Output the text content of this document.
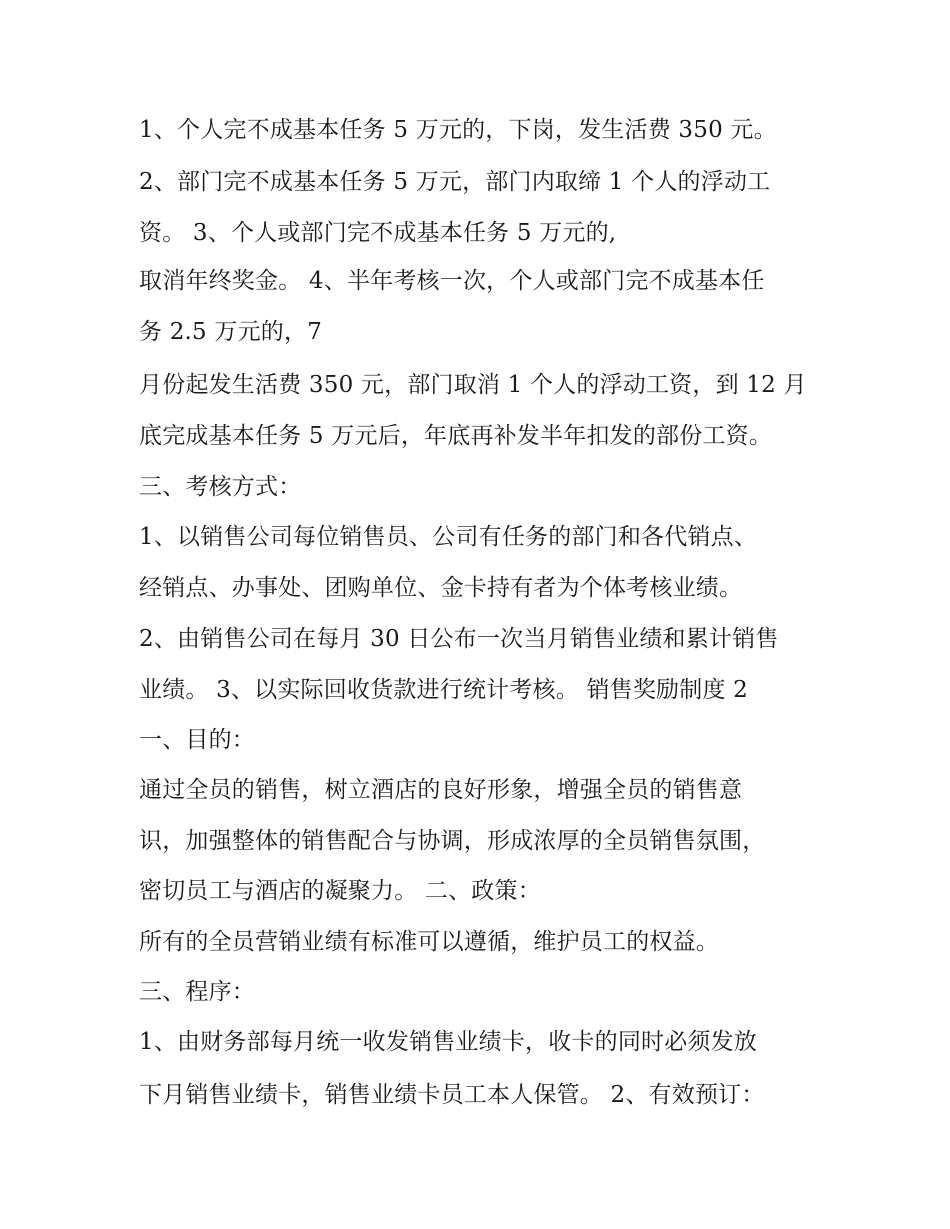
1、个人完不成基本任务 5 万元的，下岗，发生活费 350 元。
2、部门完不成基本任务 5 万元，部门内取缔 1 个人的浮动工
资。 3、个人或部门完不成基本任务 5 万元的,
取消年终奖金。 4、半年考核一次，个人或部门完不成基本任
务 2.5 万元的，7
月份起发生活费 350 元，部门取消 1 个人的浮动工资，到 12 月
底完成基本任务 5 万元后，年底再补发半年扣发的部份工资。
三、考核方式：
1、以销售公司每位销售员、公司有任务的部门和各代销点、
经销点、办事处、团购单位、金卡持有者为个体考核业绩。
2、由销售公司在每月 30 日公布一次当月销售业绩和累计销售
业绩。 3、以实际回收货款进行统计考核。 销售奖励制度 2
一、目的：
通过全员的销售，树立酒店的良好形象，增强全员的销售意
识，加强整体的销售配合与协调，形成浓厚的全员销售氛围，
密切员工与酒店的凝聚力。 二、政策：
所有的全员营销业绩有标准可以遵循，维护员工的权益。
三、程序：
1、由财务部每月统一收发销售业绩卡，收卡的同时必须发放
下月销售业绩卡，销售业绩卡员工本人保管。 2、有效预订：
